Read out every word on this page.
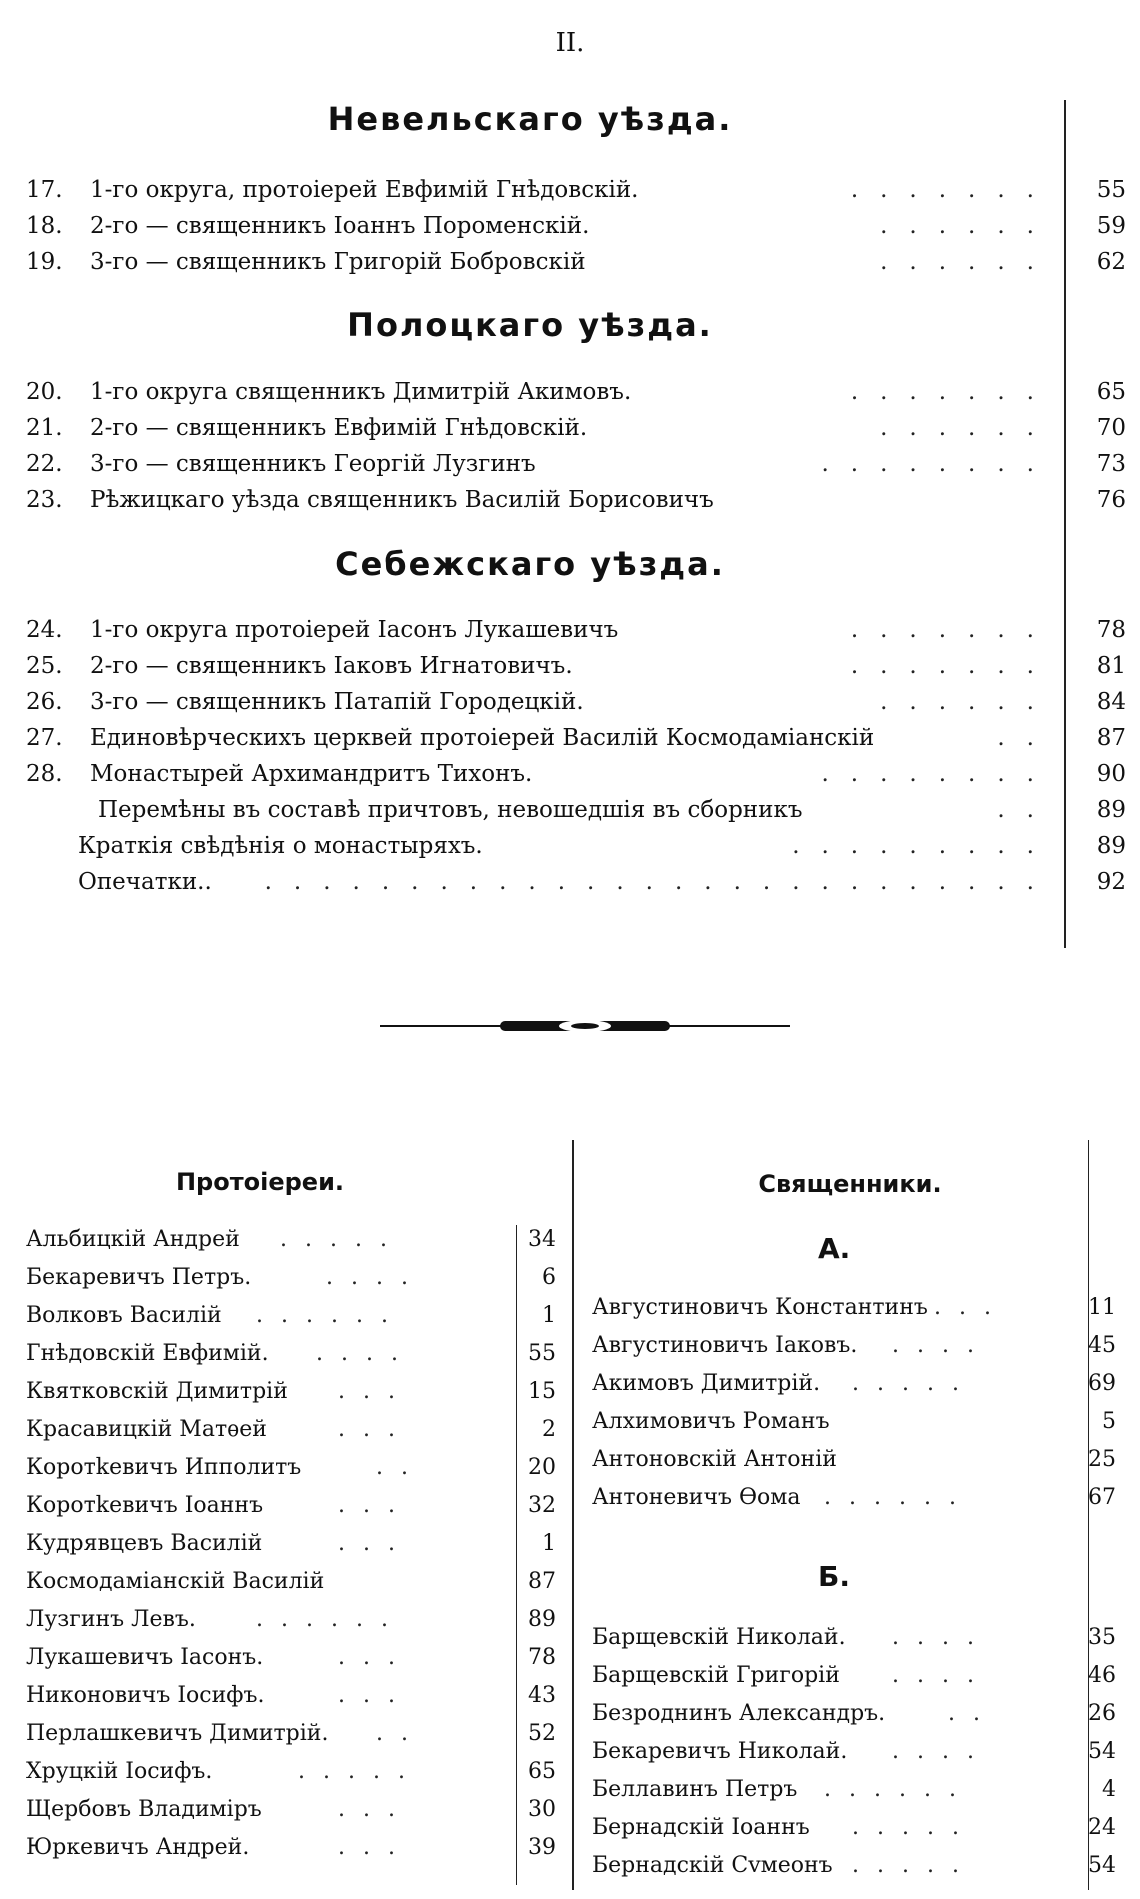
II.
Невельскаго уѣзда.
17.	1-го округа, протоіерей Евфимій Гнѣдовскій.	.......	55
18.	2-го — священникъ Іоаннъ Пороменскій.	......	59
19.	3-го — священникъ Григорій Бобровскій	......	62
Полоцкаго уѣзда.
20.	1-го округа священникъ Димитрій Акимовъ.	.......	65
21.	2-го — священникъ Евфимій Гнѣдовскій.	......	70
22.	3-го — священникъ Георгій Лузгинъ	........	73
23.	Рѣжицкаго уѣзда священникъ Василій Борисовичъ	76
Себежскаго уѣзда.
24.	1-го округа протоіерей Іасонъ Лукашевичъ	.......	78
25.	2-го — священникъ Іаковъ Игнатовичъ.	.......	81
26.	3-го — священникъ Патапій Городецкій.	......	84
27.	Единовѣрческихъ церквей протоіерей Василій Космодаміанскій	..	87
28.	Монастырей Архимандритъ Тихонъ.	........	90
Перемѣны въ составѣ причтовъ, невошедшія въ сборникъ	..	89
Краткія свѣдѣнія о монастыряхъ.	.........	89
Опечатки.. ...........................	92
Протоіереи.
Альбицкій Андрей .....	34
Бекаревичъ Петръ.	....	6
Волковъ Василій ......	1
Гнѣдовскій Евфимій. ....	55
Квятковскій Димитрій ...	15
Красавицкій Матѳей	...	2
Коротkевичъ Ипполитъ	..	20
Коротkевичъ Іоаннъ	...	32
Кудрявцевъ Василій	...	1
Космодаміанскій Василій	87
Лузгинъ Левъ.	......	89
Лукашевичъ Іасонъ.	...	78
Никоновичъ Іосифъ.	...	43
Перлашкевичъ Димитрій. ..	52
Хруцкій Іосифъ.	.....	65
Щербовъ Владиміръ	...	30
Юркевичъ Андрей.	...	39
Священники.
А.
Августиновичъ Константинъ ...	11
Августиновичъ Іаковъ. ....	45
Акимовъ Димитрій. .....	69
Алхимовичъ Романъ	5
Антоновскій Антоній	25
Антоневичъ Ѳома ......	67
Б.
Барщевскій Николай. ....	35
Барщевскій Григорій ....	46
Безроднинъ Александръ.	..	26
Бекаревичъ Николай. ....	54
Беллавинъ Петръ ......	4
Бернадскій Іоаннъ .....	24
Бернадскій Сvмеонъ .....	54
